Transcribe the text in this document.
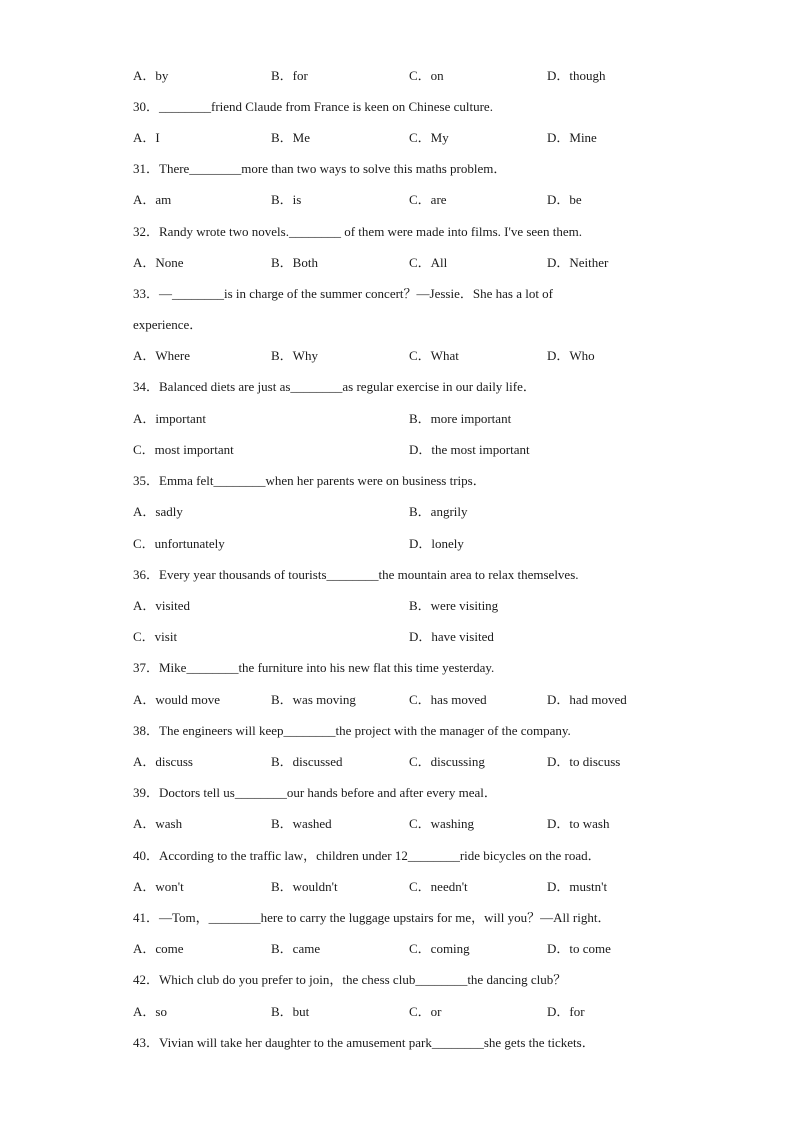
A．by	B．for	C．on	D．though
30．________friend Claude from France is keen on Chinese culture.
A．I	B．Me	C．My	D．Mine
31．There________more than two ways to solve this maths problem．
A．am	B．is	C．are	D．be
32．Randy wrote two novels.________ of them were made into films. I've seen them.
A．None	B．Both	C．All	D．Neither
33．—________is in charge of the summer concert？—Jessie．She has a lot of
experience．
A．Where	B．Why	C．What	D．Who
34．Balanced diets are just as________as regular exercise in our daily life．
A．important	B．more important
C．most important	D．the most important
35．Emma felt________when her parents were on business trips．
A．sadly	B．angrily
C．unfortunately	D．lonely
36．Every year thousands of tourists________the mountain area to relax themselves.
A．visited	B．were visiting
C．visit	D．have visited
37．Mike________the furniture into his new flat this time yesterday.
A．would move	B．was moving	C．has moved	D．had moved
38．The engineers will keep________the project with the manager of the company.
A．discuss	B．discussed	C．discussing	D．to discuss
39．Doctors tell us________our hands before and after every meal．
A．wash	B．washed	C．washing	D．to wash
40．According to the traffic law，children under 12________ride bicycles on the road．
A．won't	B．wouldn't	C．needn't	D．mustn't
41．—Tom，________here to carry the luggage upstairs for me，will you？—All right．
A．come	B．came	C．coming	D．to come
42．Which club do you prefer to join，the chess club________the dancing club？
A．so	B．but	C．or	D．for
43．Vivian will take her daughter to the amusement park________she gets the tickets．
